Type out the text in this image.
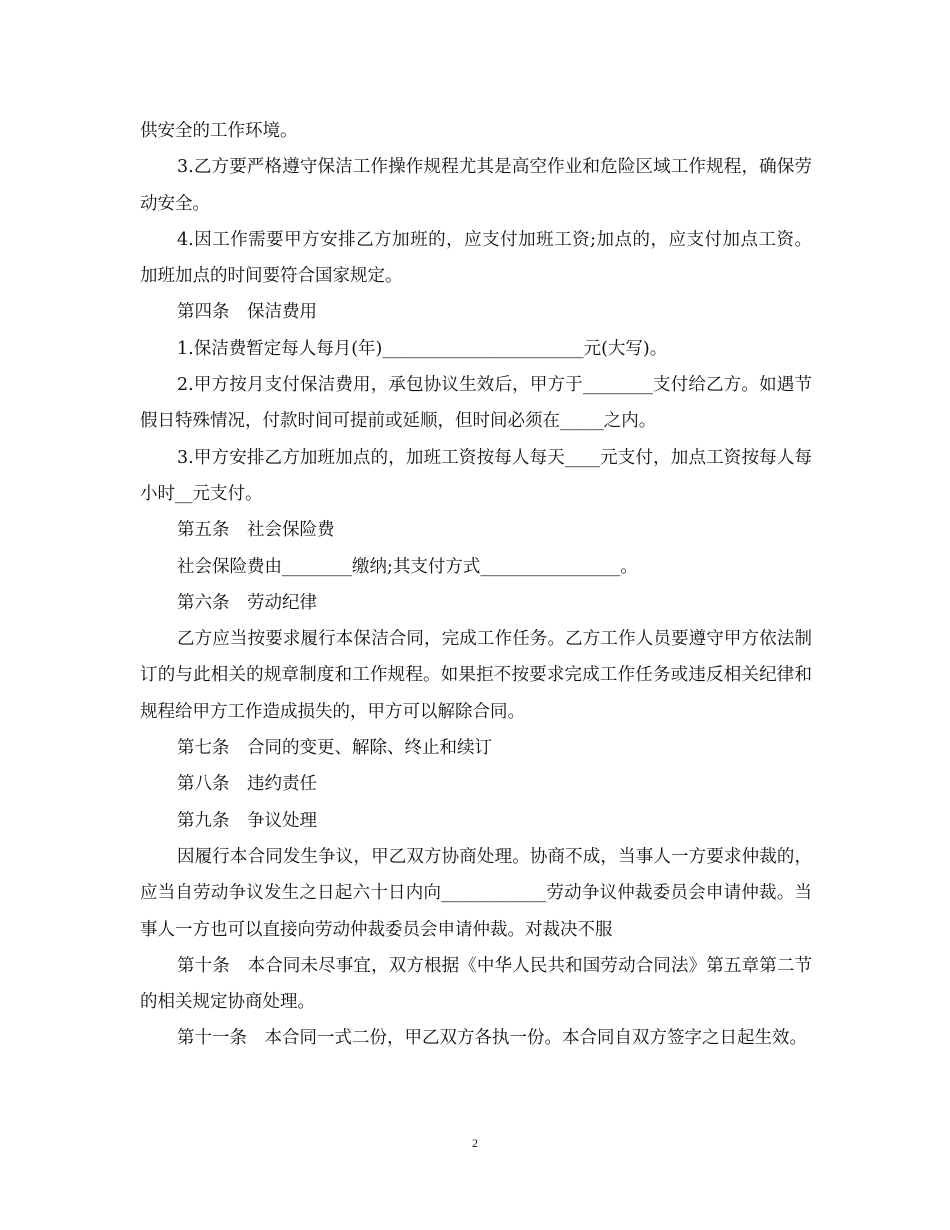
供安全的工作环境。

3.乙方要严格遵守保洁工作操作规程尤其是高空作业和危险区域工作规程，确保劳动安全。

4.因工作需要甲方安排乙方加班的，应支付加班工资;加点的，应支付加点工资。加班加点的时间要符合国家规定。

第四条　保洁费用

1.保洁费暂定每人每月(年)_______________________元(大写)。

2.甲方按月支付保洁费用，承包协议生效后，甲方于________支付给乙方。如遇节假日特殊情况，付款时间可提前或延顺，但时间必须在_____之内。

3.甲方安排乙方加班加点的，加班工资按每人每天____元支付，加点工资按每人每小时__元支付。

第五条　社会保险费

社会保险费由________缴纳;其支付方式________________。

第六条　劳动纪律

乙方应当按要求履行本保洁合同，完成工作任务。乙方工作人员要遵守甲方依法制订的与此相关的规章制度和工作规程。如果拒不按要求完成工作任务或违反相关纪律和规程给甲方工作造成损失的，甲方可以解除合同。

第七条　合同的变更、解除、终止和续订

第八条　违约责任

第九条　争议处理

因履行本合同发生争议，甲乙双方协商处理。协商不成，当事人一方要求仲裁的，应当自劳动争议发生之日起六十日内向____________劳动争议仲裁委员会申请仲裁。当事人一方也可以直接向劳动仲裁委员会申请仲裁。对裁决不服

第十条　本合同未尽事宜，双方根据《中华人民共和国劳动合同法》第五章第二节的相关规定协商处理。

第十一条　本合同一式二份，甲乙双方各执一份。本合同自双方签字之日起生效。

2
